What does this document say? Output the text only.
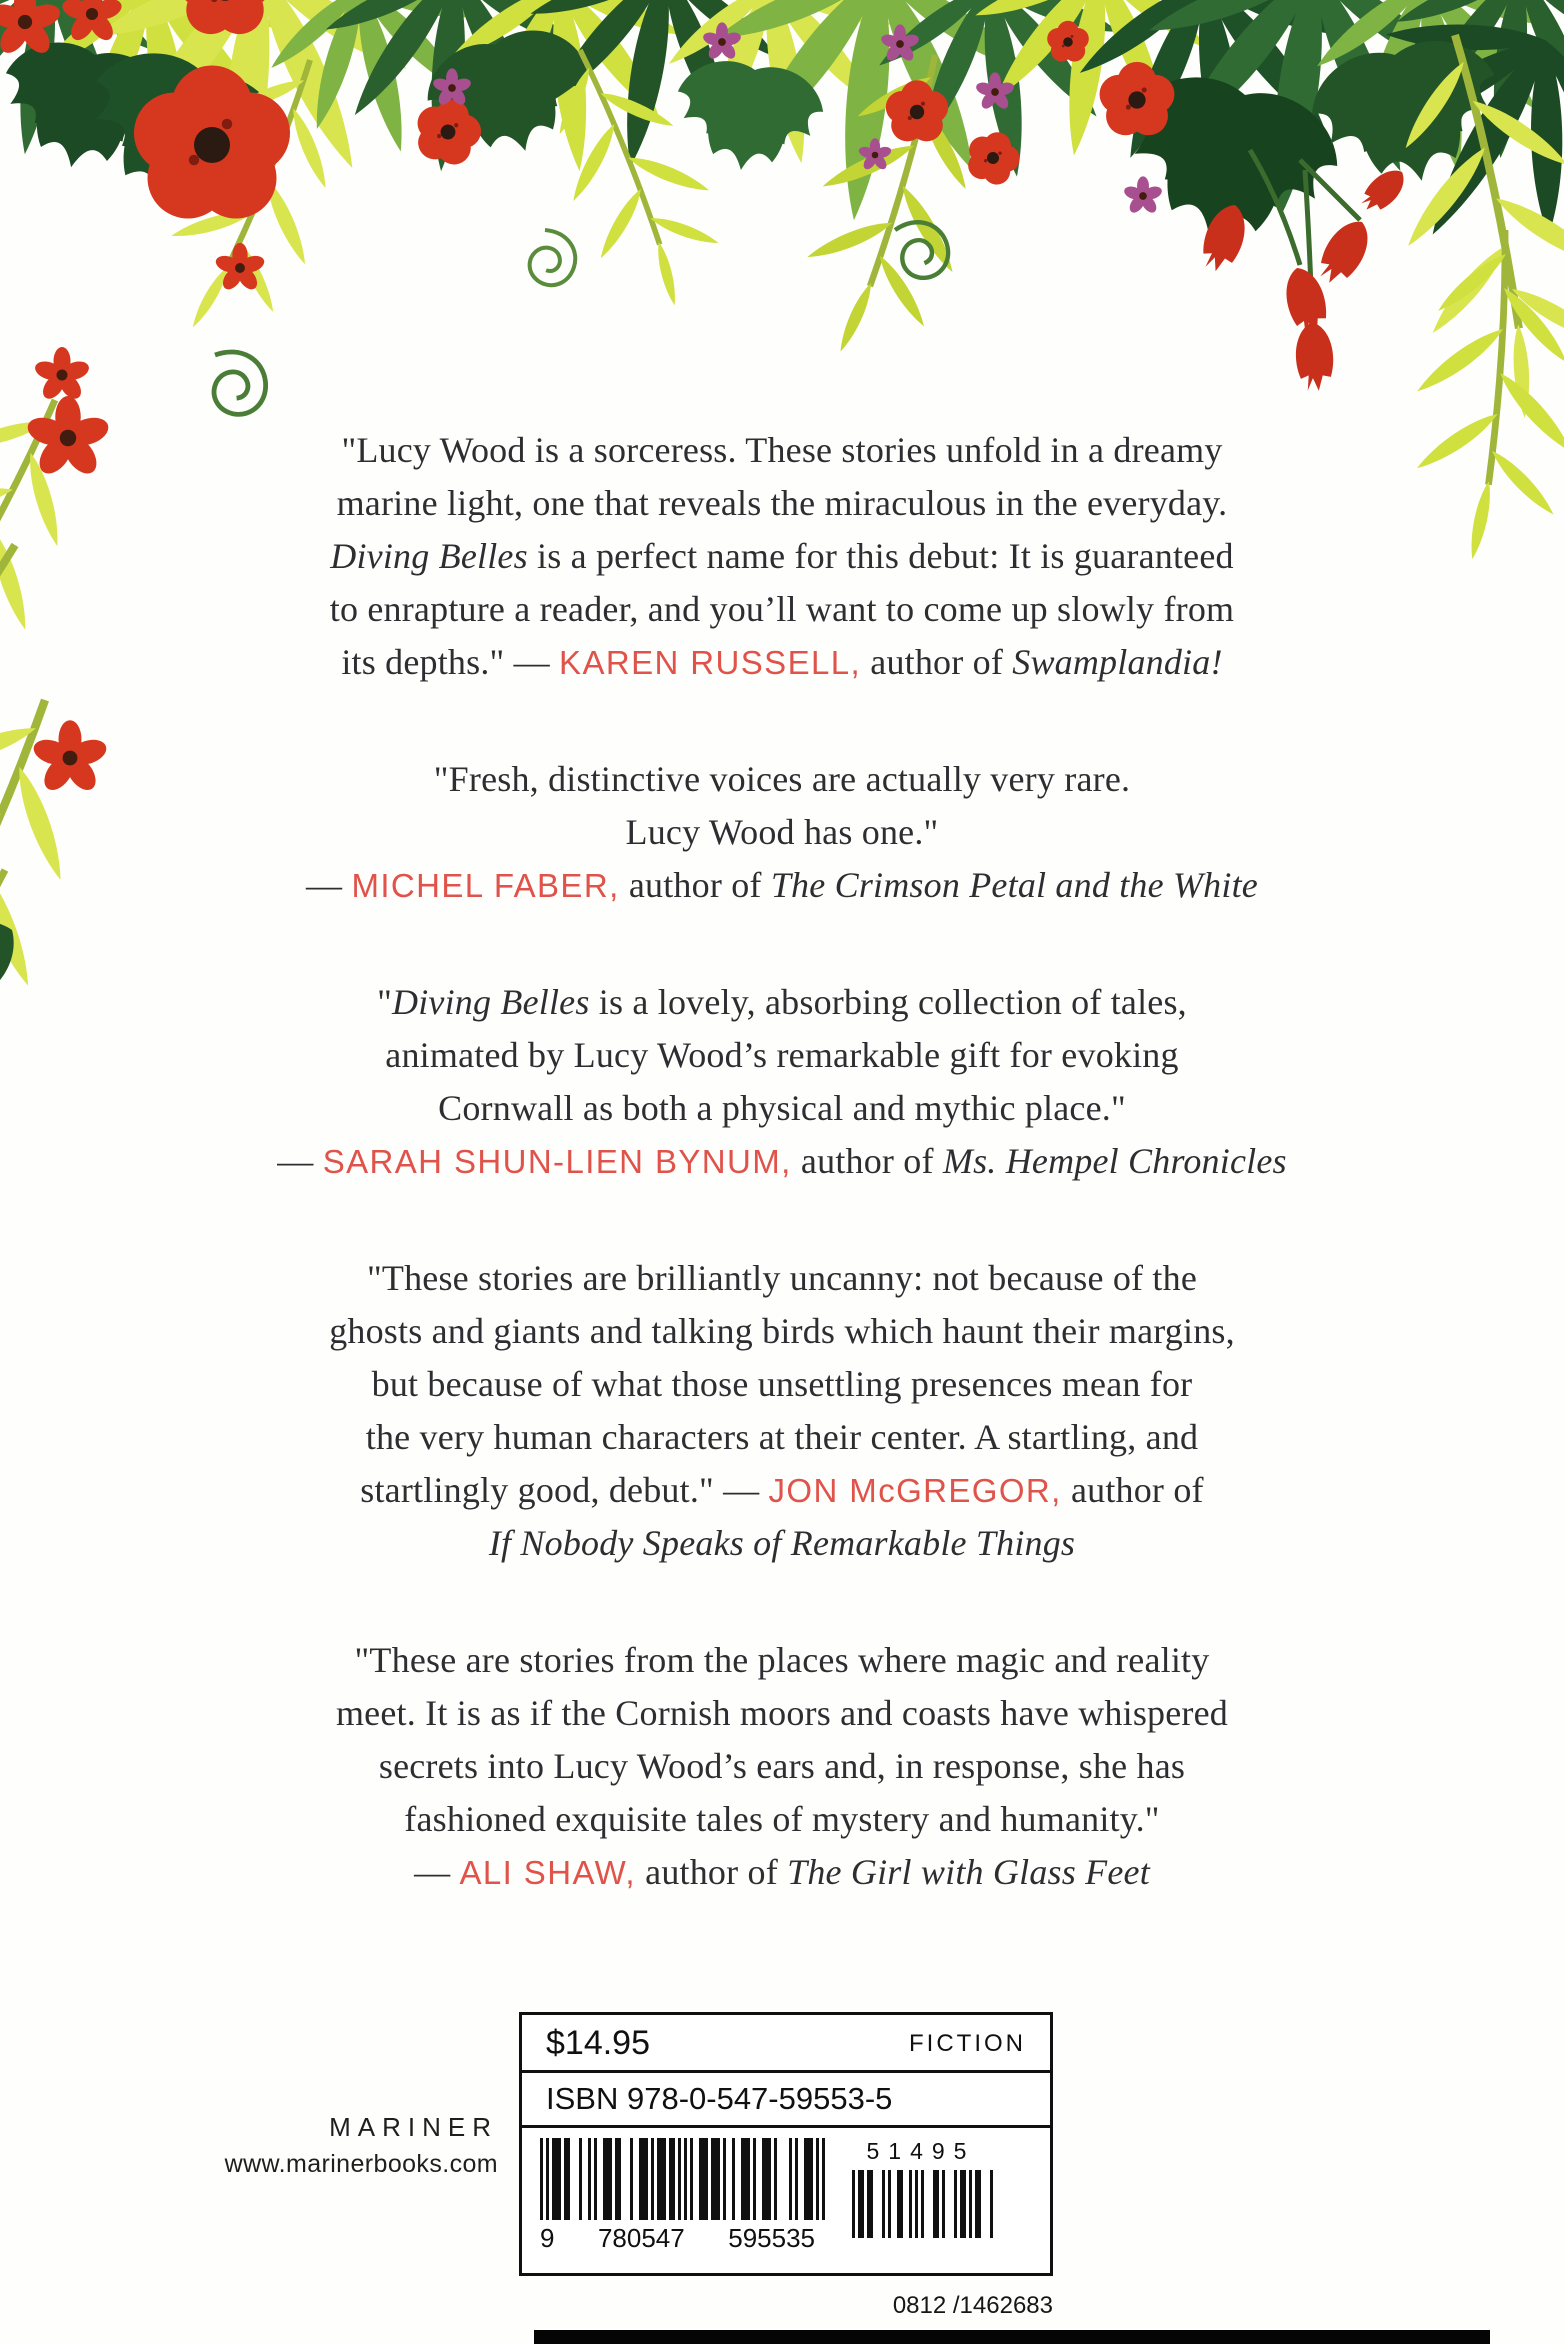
"Lucy Wood is a sorceress. These stories unfold in a dreamy
marine light, one that reveals the miraculous in the everyday.
Diving Belles is a perfect name for this debut: It is guaranteed
to enrapture a reader, and you’ll want to come up slowly from
its depths." — KAREN RUSSELL, author of Swamplandia!

"Fresh, distinctive voices are actually very rare.
Lucy Wood has one."
— MICHEL FABER, author of The Crimson Petal and the White

"Diving Belles is a lovely, absorbing collection of tales,
animated by Lucy Wood’s remarkable gift for evoking
Cornwall as both a physical and mythic place."
— SARAH SHUN-LIEN BYNUM, author of Ms. Hempel Chronicles

"These stories are brilliantly uncanny: not because of the
ghosts and giants and talking birds which haunt their margins,
but because of what those unsettling presences mean for
the very human characters at their center. A startling, and
startlingly good, debut." — JON McGREGOR, author of
If Nobody Speaks of Remarkable Things

"These are stories from the places where magic and reality
meet. It is as if the Cornish moors and coasts have whispered
secrets into Lucy Wood’s ears and, in response, she has
fashioned exquisite tales of mystery and humanity."
— ALI SHAW, author of The Girl with Glass Feet

MARINER
www.marinerbooks.com
$14.95	FICTION
ISBN 978-0-547-59553-5
9 780547 595535
51495
0812 /1462683
